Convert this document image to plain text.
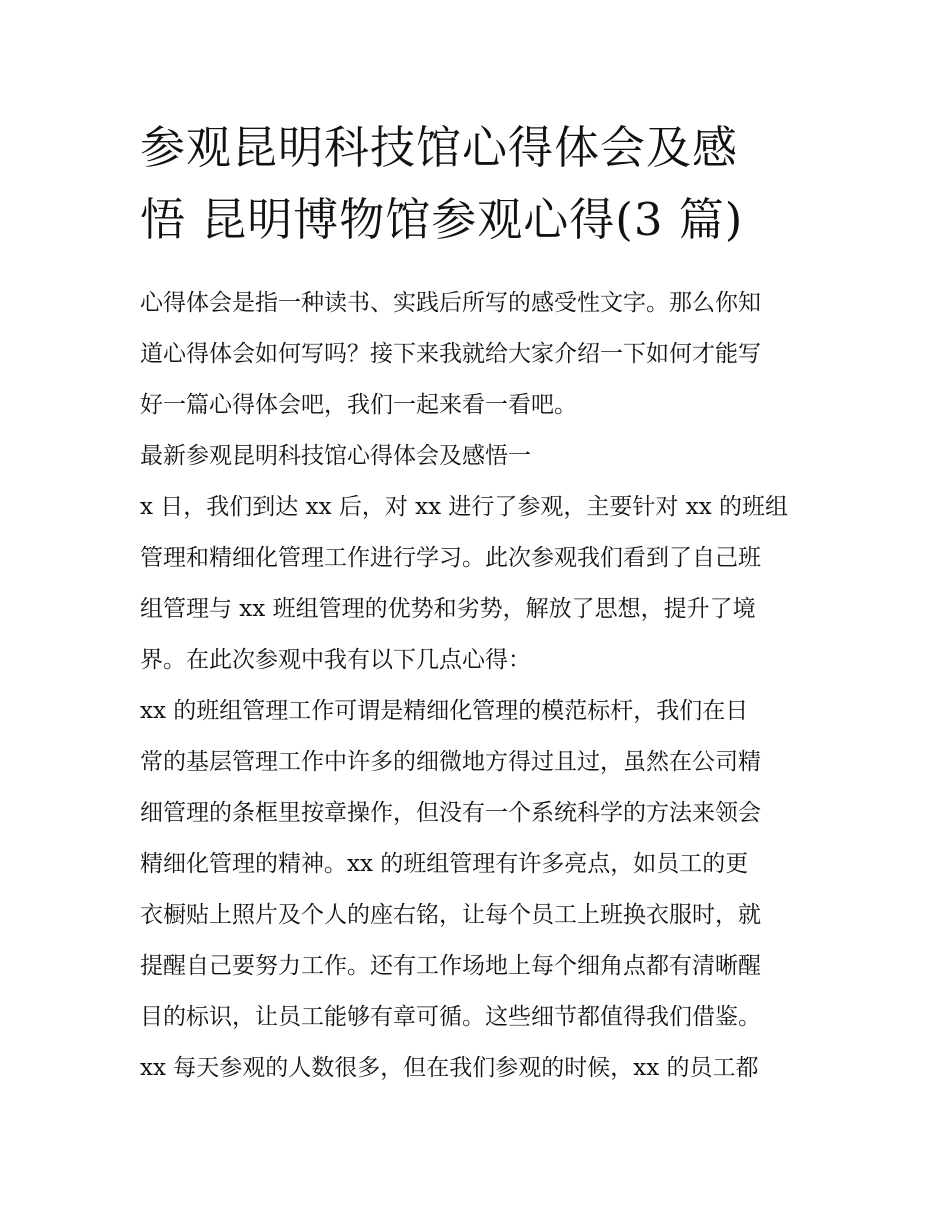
参观昆明科技馆心得体会及感
悟 昆明博物馆参观心得(3 篇)
心得体会是指一种读书、实践后所写的感受性文字。那么你知
道心得体会如何写吗？接下来我就给大家介绍一下如何才能写
好一篇心得体会吧，我们一起来看一看吧。
最新参观昆明科技馆心得体会及感悟一
x 日，我们到达 xx 后，对 xx 进行了参观，主要针对 xx 的班组
管理和精细化管理工作进行学习。此次参观我们看到了自己班
组管理与 xx 班组管理的优势和劣势，解放了思想，提升了境
界。在此次参观中我有以下几点心得：
xx 的班组管理工作可谓是精细化管理的模范标杆，我们在日
常的基层管理工作中许多的细微地方得过且过，虽然在公司精
细管理的条框里按章操作，但没有一个系统科学的方法来领会
精细化管理的精神。xx 的班组管理有许多亮点，如员工的更
衣橱贴上照片及个人的座右铭，让每个员工上班换衣服时，就
提醒自己要努力工作。还有工作场地上每个细角点都有清晰醒
目的标识，让员工能够有章可循。这些细节都值得我们借鉴。
xx 每天参观的人数很多，但在我们参观的时候，xx 的员工都
